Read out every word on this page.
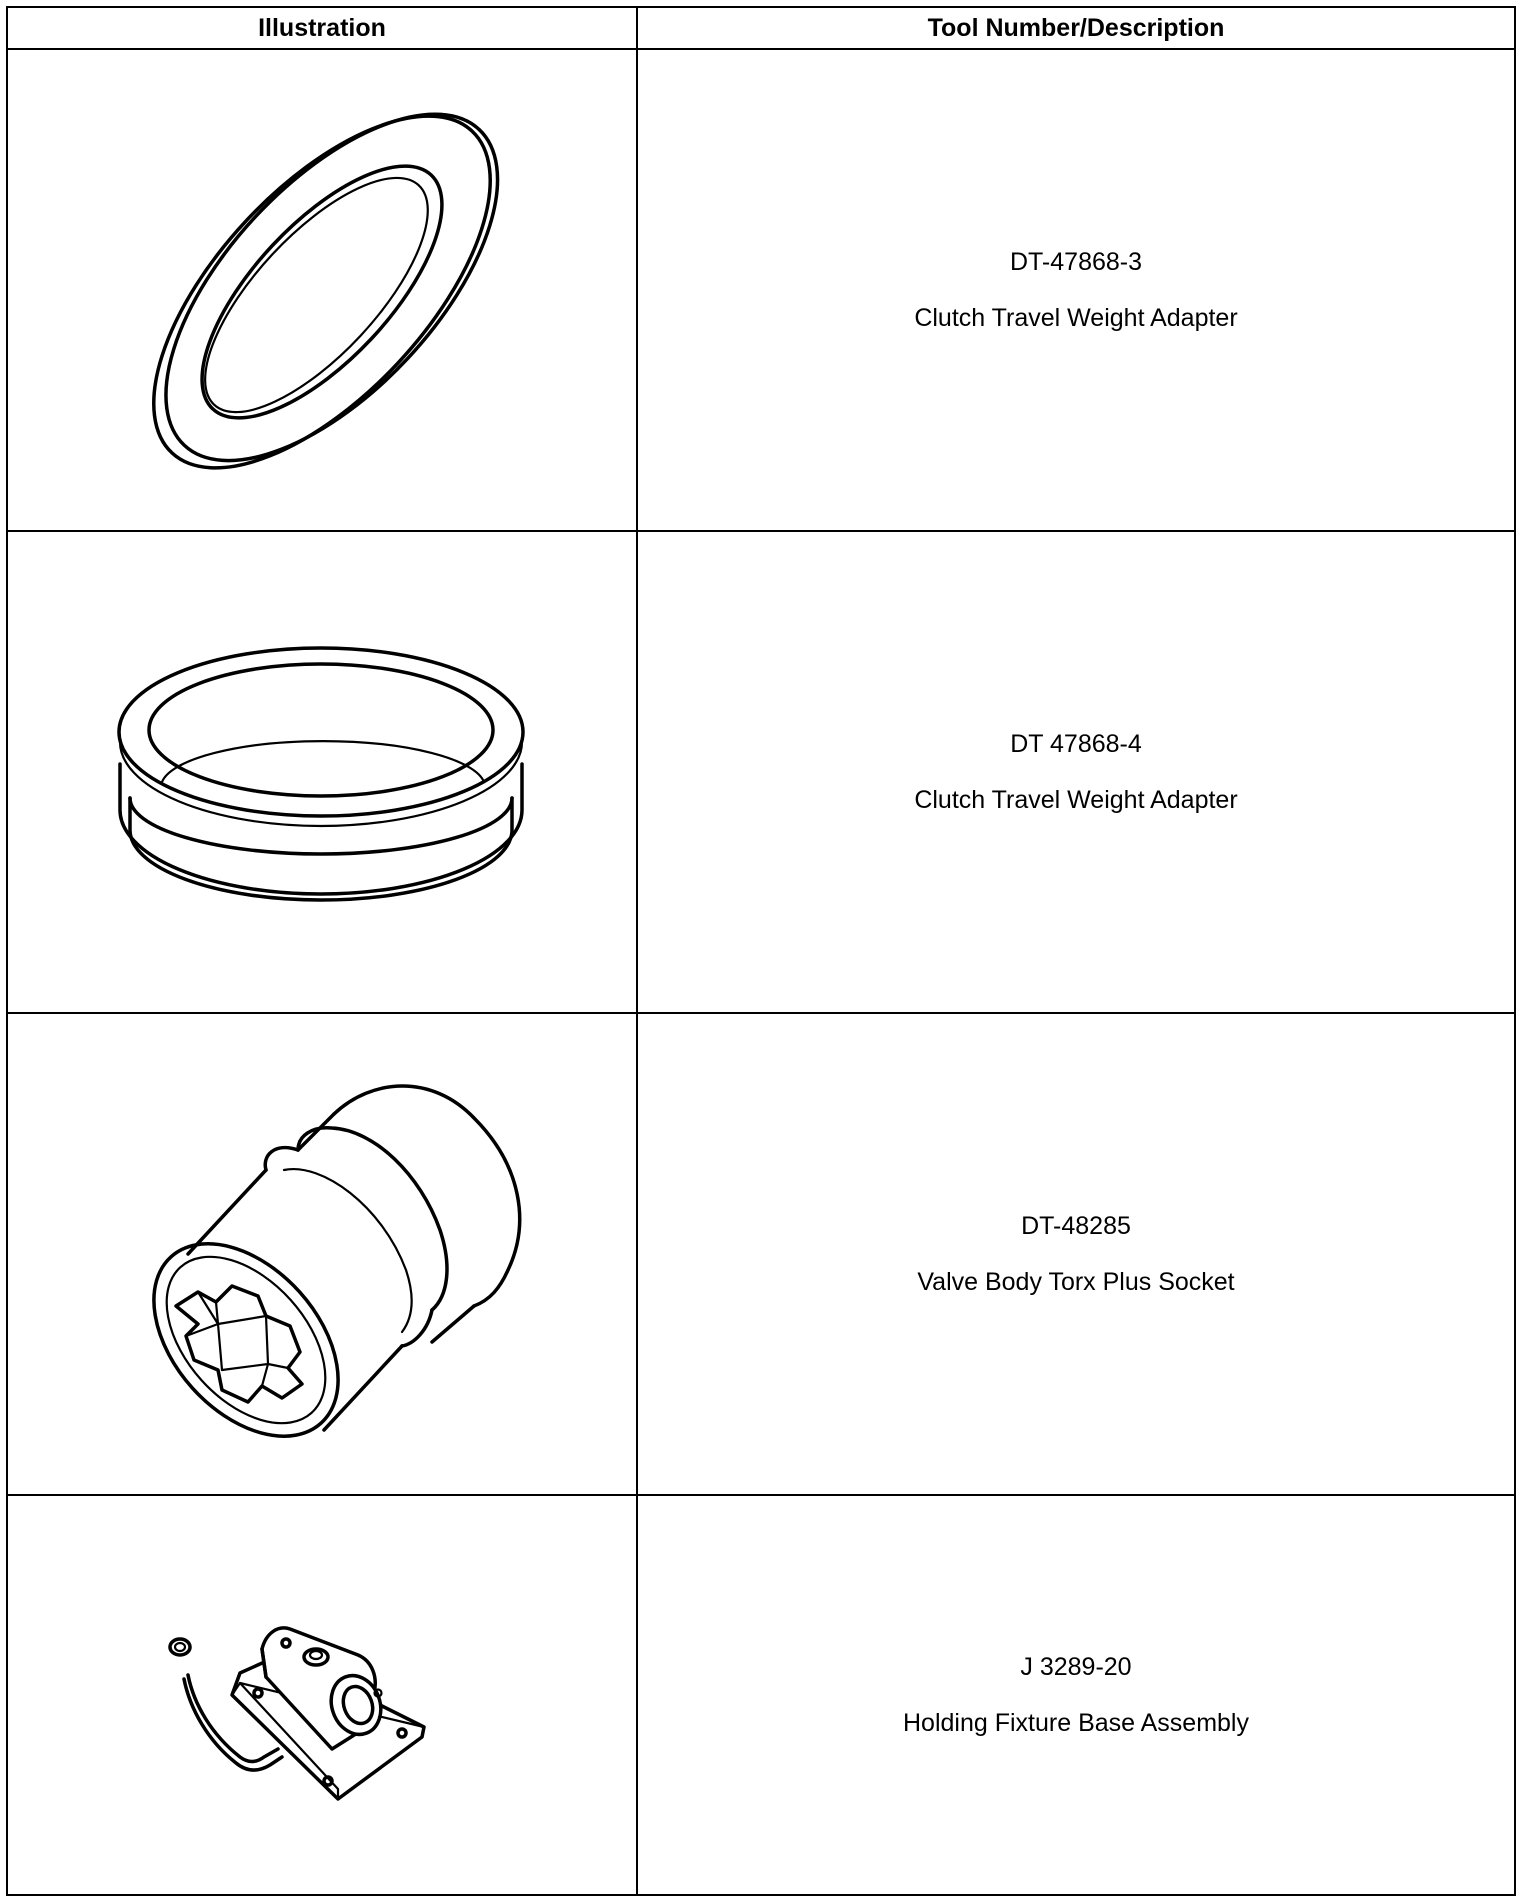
Illustration	Tool Number/Description

DT-47868-3
Clutch Travel Weight Adapter

DT 47868-4
Clutch Travel Weight Adapter

DT-48285
Valve Body Torx Plus Socket

J 3289-20
Holding Fixture Base Assembly
